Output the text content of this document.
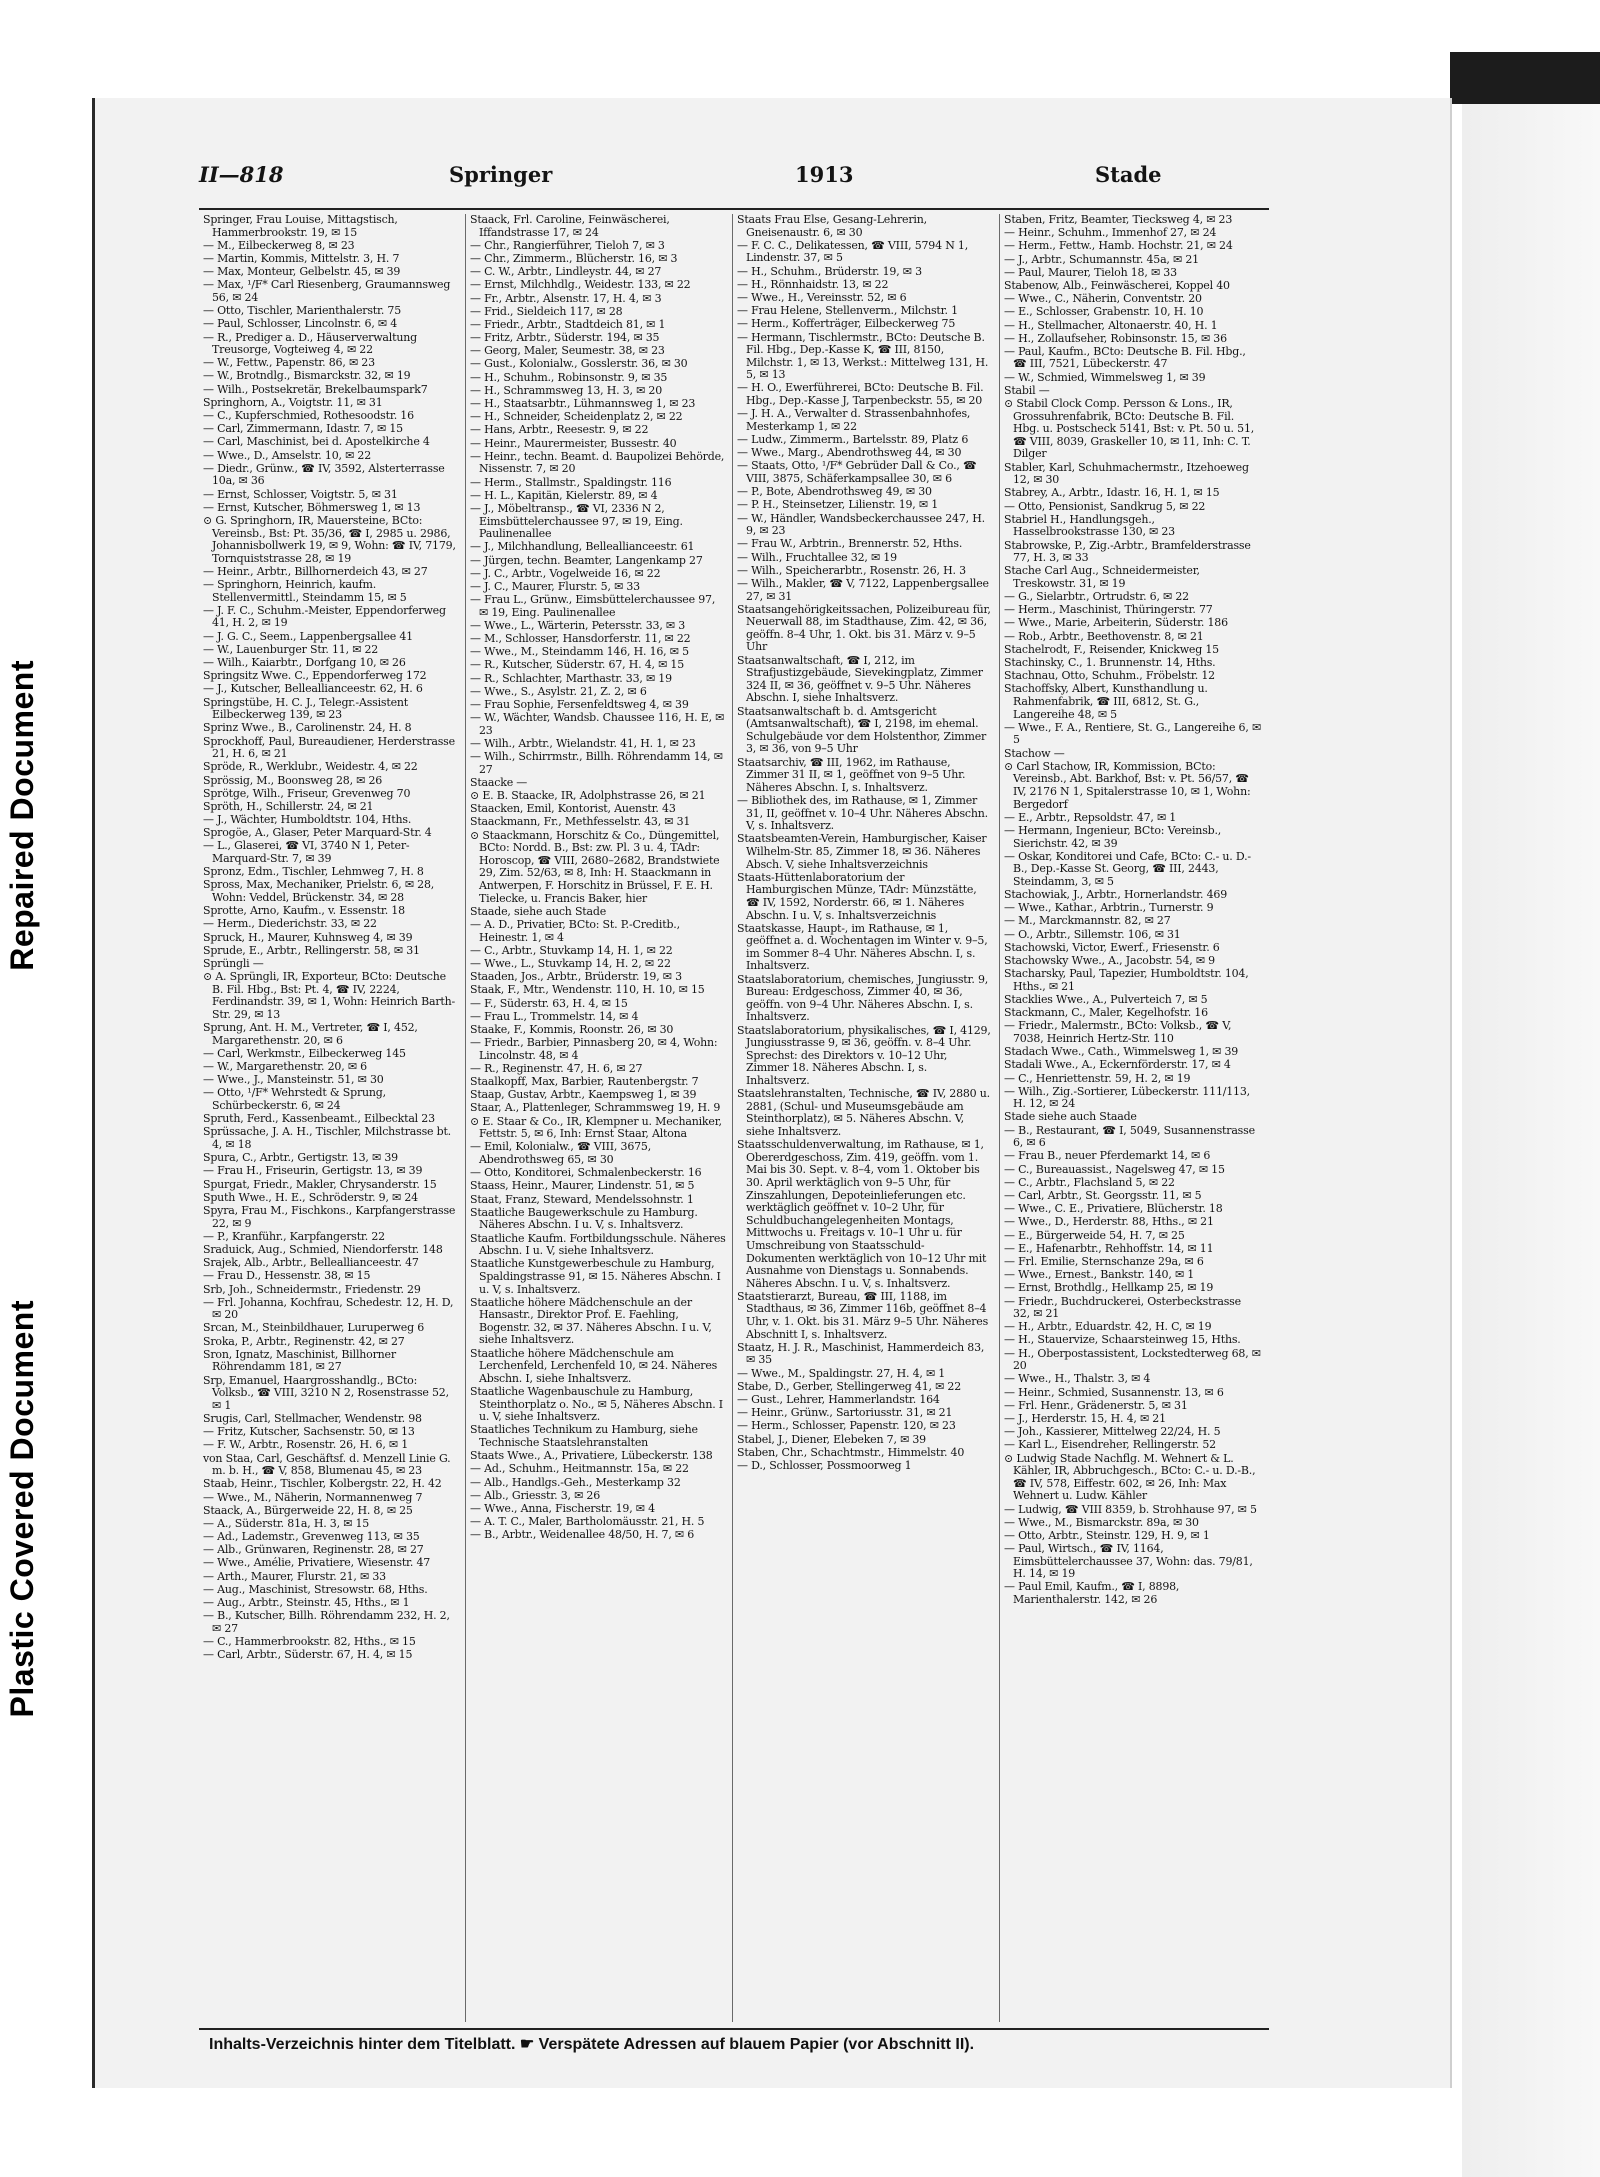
Repaired Document
Plastic Covered Document
II—818	Springer	1913	Stade
Springer, Frau Louise, Mittagstisch, Hammerbrookstr. 19, ✉ 15
— M., Eilbeckerweg 8, ✉ 23
— Martin, Kommis, Mittelstr. 3, H. 7
— Max, Monteur, Gelbelstr. 45, ✉ 39
— Max, ¹/F* Carl Riesenberg, Graumannsweg 56, ✉ 24
— Otto, Tischler, Marienthalerstr. 75
— Paul, Schlosser, Lincolnstr. 6, ✉ 4
— R., Prediger a. D., Häuserverwaltung Treusorge, Vogteiweg 4, ✉ 22
— W., Fettw., Papenstr. 86, ✉ 23
— W., Brotndlg., Bismarckstr. 32, ✉ 19
— Wilh., Postsekretär, Brekelbaumspark7
Springhorn, A., Voigtstr. 11, ✉ 31
— C., Kupferschmied, Rothesoodstr. 16
— Carl, Zimmermann, Idastr. 7, ✉ 15
— Carl, Maschinist, bei d. Apostelkirche 4
— Wwe., D., Amselstr. 10, ✉ 22
— Diedr., Grünw., ☎ IV, 3592, Alsterterrasse 10a, ✉ 36
— Ernst, Schlosser, Voigtstr. 5, ✉ 31
— Ernst, Kutscher, Böhmersweg 1, ✉ 13
⊙ G. Springhorn, IR, Mauersteine, BCto: Vereinsb., Bst: Pt. 35/36, ☎ I, 2985 u. 2986, Johannisbollwerk 19, ✉ 9, Wohn: ☎ IV, 7179, Tornquiststrasse 28, ✉ 19
— Heinr., Arbtr., Billhornerdeich 43, ✉ 27
— Springhorn, Heinrich, kaufm. Stellenvermittl., Steindamm 15, ✉ 5
— J. F. C., Schuhm.-Meister, Eppendorferweg 41, H. 2, ✉ 19
— J. G. C., Seem., Lappenbergsallee 41
— W., Lauenburger Str. 11, ✉ 22
— Wilh., Kaiarbtr., Dorfgang 10, ✉ 26
Springsitz Wwe. C., Eppendorferweg 172
— J., Kutscher, Belleallianceestr. 62, H. 6
Springstübe, H. C. J., Telegr.-Assistent Eilbeckerweg 139, ✉ 23
Sprinz Wwe., B., Carolinenstr. 24, H. 8
Sprockhoff, Paul, Bureaudiener, Herderstrasse 21, H. 6, ✉ 21
Spröde, R., Werklubr., Weidestr. 4, ✉ 22
Sprössig, M., Boonsweg 28, ✉ 26
Sprötge, Wilh., Friseur, Grevenweg 70
Spröth, H., Schillerstr. 24, ✉ 21
— J., Wächter, Humboldtstr. 104, Hths.
Sprogöe, A., Glaser, Peter Marquard-Str. 4
— L., Glaserei, ☎ VI, 3740 N 1, Peter-Marquard-Str. 7, ✉ 39
Spronz, Edm., Tischler, Lehmweg 7, H. 8
Spross, Max, Mechaniker, Prielstr. 6, ✉ 28, Wohn: Veddel, Brückenstr. 34, ✉ 28
Sprotte, Arno, Kaufm., v. Essenstr. 18
— Herm., Diederichstr. 33, ✉ 22
Spruck, H., Maurer, Kuhnsweg 4, ✉ 39
Sprude, E., Arbtr., Rellingerstr. 58, ✉ 31
Sprüngli —
⊙ A. Sprüngli, IR, Exporteur, BCto: Deutsche B. Fil. Hbg., Bst: Pt. 4, ☎ IV, 2224, Ferdinandstr. 39, ✉ 1, Wohn: Heinrich Barth-Str. 29, ✉ 13
Sprung, Ant. H. M., Vertreter, ☎ I, 452, Margarethenstr. 20, ✉ 6
— Carl, Werkmstr., Eilbeckerweg 145
— W., Margarethenstr. 20, ✉ 6
— Wwe., J., Mansteinstr. 51, ✉ 30
— Otto, ¹/F* Wehrstedt & Sprung, Schürbeckerstr. 6, ✉ 24
Spruth, Ferd., Kassenbeamt., Eilbecktal 23
Sprüssache, J. A. H., Tischler, Milchstrasse bt. 4, ✉ 18
Spura, C., Arbtr., Gertigstr. 13, ✉ 39
— Frau H., Friseurin, Gertigstr. 13, ✉ 39
Spurgat, Friedr., Makler, Chrysanderstr. 15
Sputh Wwe., H. E., Schröderstr. 9, ✉ 24
Spyra, Frau M., Fischkons., Karpfangerstrasse 22, ✉ 9
— P., Kranführ., Karpfangerstr. 22
Sraduick, Aug., Schmied, Niendorferstr. 148
Srajek, Alb., Arbtr., Belleallianceestr. 47
— Frau D., Hessenstr. 38, ✉ 15
Srb, Joh., Schneidermstr., Friedenstr. 29
— Frl. Johanna, Kochfrau, Schedestr. 12, H. D, ✉ 20
Srcan, M., Steinbildhauer, Luruperweg 6
Sroka, P., Arbtr., Reginenstr. 42, ✉ 27
Sron, Ignatz, Maschinist, Billhorner Röhrendamm 181, ✉ 27
Srp, Emanuel, Haargrosshandlg., BCto: Volksb., ☎ VIII, 3210 N 2, Rosenstrasse 52, ✉ 1
Srugis, Carl, Stellmacher, Wendenstr. 98
— Fritz, Kutscher, Sachsenstr. 50, ✉ 13
— F. W., Arbtr., Rosenstr. 26, H. 6, ✉ 1
von Staa, Carl, Geschäftsf. d. Menzell Linie G. m. b. H., ☎ V, 858, Blumenau 45, ✉ 23
Staab, Heinr., Tischler, Kolbergstr. 22, H. 42
— Wwe., M., Näherin, Normannenweg 7
Staack, A., Bürgerweide 22, H. 8, ✉ 25
— A., Süderstr. 81a, H. 3, ✉ 15
— Ad., Lademstr., Grevenweg 113, ✉ 35
— Alb., Grünwaren, Reginenstr. 28, ✉ 27
— Wwe., Amélie, Privatiere, Wiesenstr. 47
— Arth., Maurer, Flurstr. 21, ✉ 33
— Aug., Maschinist, Stresowstr. 68, Hths.
— Aug., Arbtr., Steinstr. 45, Hths., ✉ 1
— B., Kutscher, Billh. Röhrendamm 232, H. 2, ✉ 27
— C., Hammerbrookstr. 82, Hths., ✉ 15
— Carl, Arbtr., Süderstr. 67, H. 4, ✉ 15
Staack, Frl. Caroline, Feinwäscherei, Iffandstrasse 17, ✉ 24
— Chr., Rangierführer, Tieloh 7, ✉ 3
— Chr., Zimmerm., Blücherstr. 16, ✉ 3
— C. W., Arbtr., Lindleystr. 44, ✉ 27
— Ernst, Milchhdlg., Weidestr. 133, ✉ 22
— Fr., Arbtr., Alsenstr. 17, H. 4, ✉ 3
— Frid., Sieldeich 117, ✉ 28
— Friedr., Arbtr., Stadtdeich 81, ✉ 1
— Fritz, Arbtr., Süderstr. 194, ✉ 35
— Georg, Maler, Seumestr. 38, ✉ 23
— Gust., Kolonialw., Gosslerstr. 36, ✉ 30
— H., Schuhm., Robinsonstr. 9, ✉ 35
— H., Schrammsweg 13, H. 3, ✉ 20
— H., Staatsarbtr., Lühmannsweg 1, ✉ 23
— H., Schneider, Scheidenplatz 2, ✉ 22
— Hans, Arbtr., Reesestr. 9, ✉ 22
— Heinr., Maurermeister, Bussestr. 40
— Heinr., techn. Beamt. d. Baupolizei Behörde, Nissenstr. 7, ✉ 20
— Herm., Stallmstr., Spaldingstr. 116
— H. L., Kapitän, Kielerstr. 89, ✉ 4
— J., Möbeltransp., ☎ VI, 2336 N 2, Eimsbüttelerchaussee 97, ✉ 19, Eing. Paulinenallee
— J., Milchhandlung, Belleallianceestr. 61
— Jürgen, techn. Beamter, Langenkamp 27
— J. C., Arbtr., Vogelweide 16, ✉ 22
— J. C., Maurer, Flurstr. 5, ✉ 33
— Frau L., Grünw., Eimsbüttelerchaussee 97, ✉ 19, Eing. Paulinenallee
— Wwe., L., Wärterin, Petersstr. 33, ✉ 3
— M., Schlosser, Hansdorferstr. 11, ✉ 22
— Wwe., M., Steindamm 146, H. 16, ✉ 5
— R., Kutscher, Süderstr. 67, H. 4, ✉ 15
— R., Schlachter, Marthastr. 33, ✉ 19
— Wwe., S., Asylstr. 21, Z. 2, ✉ 6
— Frau Sophie, Fersenfeldtsweg 4, ✉ 39
— W., Wächter, Wandsb. Chaussee 116, H. E, ✉ 23
— Wilh., Arbtr., Wielandstr. 41, H. 1, ✉ 23
— Wilh., Schirrmstr., Billh. Röhrendamm 14, ✉ 27
Staacke —
⊙ E. B. Staacke, IR, Adolphstrasse 26, ✉ 21
Staacken, Emil, Kontorist, Auenstr. 43
Staackmann, Fr., Methfesselstr. 43, ✉ 31
⊙ Staackmann, Horschitz & Co., Düngemittel, BCto: Nordd. B., Bst: zw. Pl. 3 u. 4, TAdr: Horoscop, ☎ VIII, 2680–2682, Brandstwiete 29, Zim. 52/63, ✉ 8, Inh: H. Staackmann in Antwerpen, F. Horschitz in Brüssel, F. E. H. Tielecke, u. Francis Baker, hier
Staade, siehe auch Stade
— A. D., Privatier, BCto: St. P.-Creditb., Heinestr. 1, ✉ 4
— C., Arbtr., Stuvkamp 14, H. 1, ✉ 22
— Wwe., L., Stuvkamp 14, H. 2, ✉ 22
Staaden, Jos., Arbtr., Brüderstr. 19, ✉ 3
Staak, F., Mtr., Wendenstr. 110, H. 10, ✉ 15
— F., Süderstr. 63, H. 4, ✉ 15
— Frau L., Trommelstr. 14, ✉ 4
Staake, F., Kommis, Roonstr. 26, ✉ 30
— Friedr., Barbier, Pinnasberg 20, ✉ 4, Wohn: Lincolnstr. 48, ✉ 4
— R., Reginenstr. 47, H. 6, ✉ 27
Staalkopff, Max, Barbier, Rautenbergstr. 7
Staap, Gustav, Arbtr., Kaempsweg 1, ✉ 39
Staar, A., Plattenleger, Schrammsweg 19, H. 9
⊙ E. Staar & Co., IR, Klempner u. Mechaniker, Fettstr. 5, ✉ 6, Inh: Ernst Staar, Altona
— Emil, Kolonialw., ☎ VIII, 3675, Abendrothsweg 65, ✉ 30
— Otto, Konditorei, Schmalenbeckerstr. 16
Staass, Heinr., Maurer, Lindenstr. 51, ✉ 5
Staat, Franz, Steward, Mendelssohnstr. 1
Staatliche Baugewerkschule zu Hamburg. Näheres Abschn. I u. V, s. Inhaltsverz.
Staatliche Kaufm. Fortbildungsschule. Näheres Abschn. I u. V, siehe Inhaltsverz.
Staatliche Kunstgewerbeschule zu Hamburg, Spaldingstrasse 91, ✉ 15. Näheres Abschn. I u. V, s. Inhaltsverz.
Staatliche höhere Mädchenschule an der Hansastr., Direktor Prof. E. Faehling, Bogenstr. 32, ✉ 37. Näheres Abschn. I u. V, siehe Inhaltsverz.
Staatliche höhere Mädchenschule am Lerchenfeld, Lerchenfeld 10, ✉ 24. Näheres Abschn. I, siehe Inhaltsverz.
Staatliche Wagenbauschule zu Hamburg, Steinthorplatz o. No., ✉ 5, Näheres Abschn. I u. V, siehe Inhaltsverz.
Staatliches Technikum zu Hamburg, siehe Technische Staatslehranstalten
Staats Wwe., A., Privatiere, Lübeckerstr. 138
— Ad., Schuhm., Heitmannstr. 15a, ✉ 22
— Alb., Handlgs.-Geh., Mesterkamp 32
— Alb., Griesstr. 3, ✉ 26
— Wwe., Anna, Fischerstr. 19, ✉ 4
— A. T. C., Maler, Bartholomäusstr. 21, H. 5
— B., Arbtr., Weidenallee 48/50, H. 7, ✉ 6
Staats Frau Else, Gesang-Lehrerin, Gneisenaustr. 6, ✉ 30
— F. C. C., Delikatessen, ☎ VIII, 5794 N 1, Lindenstr. 37, ✉ 5
— H., Schuhm., Brüderstr. 19, ✉ 3
— H., Rönnhaidstr. 13, ✉ 22
— Wwe., H., Vereinsstr. 52, ✉ 6
— Frau Helene, Stellenverm., Milchstr. 1
— Herm., Kofferträger, Eilbeckerweg 75
— Hermann, Tischlermstr., BCto: Deutsche B. Fil. Hbg., Dep.-Kasse K, ☎ III, 8150, Milchstr. 1, ✉ 13, Werkst.: Mittelweg 131, H. 5, ✉ 13
— H. O., Ewerführerei, BCto: Deutsche B. Fil. Hbg., Dep.-Kasse J, Tarpenbeckstr. 55, ✉ 20
— J. H. A., Verwalter d. Strassenbahnhofes, Mesterkamp 1, ✉ 22
— Ludw., Zimmerm., Bartelsstr. 89, Platz 6
— Wwe., Marg., Abendrothsweg 44, ✉ 30
— Staats, Otto, ¹/F* Gebrüder Dall & Co., ☎ VIII, 3875, Schäferkampsallee 30, ✉ 6
— P., Bote, Abendrothsweg 49, ✉ 30
— P. H., Steinsetzer, Lilienstr. 19, ✉ 1
— W., Händler, Wandsbeckerchaussee 247, H. 9, ✉ 23
— Frau W., Arbtrin., Brennerstr. 52, Hths.
— Wilh., Fruchtallee 32, ✉ 19
— Wilh., Speicherarbtr., Rosenstr. 26, H. 3
— Wilh., Makler, ☎ V, 7122, Lappenbergsallee 27, ✉ 31
Staatsangehörigkeitssachen, Polizeibureau für, Neuerwall 88, im Stadthause, Zim. 42, ✉ 36, geöffn. 8–4 Uhr, 1. Okt. bis 31. März v. 9–5 Uhr
Staatsanwaltschaft, ☎ I, 212, im Strafjustizgebäude, Sievekingplatz, Zimmer 324 II, ✉ 36, geöffnet v. 9–5 Uhr. Näheres Abschn. I, siehe Inhaltsverz.
Staatsanwaltschaft b. d. Amtsgericht (Amtsanwaltschaft), ☎ I, 2198, im ehemal. Schulgebäude vor dem Holstenthor, Zimmer 3, ✉ 36, von 9–5 Uhr
Staatsarchiv, ☎ III, 1962, im Rathause, Zimmer 31 II, ✉ 1, geöffnet von 9–5 Uhr. Näheres Abschn. I, s. Inhaltsverz.
— Bibliothek des, im Rathause, ✉ 1, Zimmer 31, II, geöffnet v. 10–4 Uhr. Näheres Abschn. V, s. Inhaltsverz.
Staatsbeamten-Verein, Hamburgischer, Kaiser Wilhelm-Str. 85, Zimmer 18, ✉ 36. Näheres Absch. V, siehe Inhaltsverzeichnis
Staats-Hüttenlaboratorium der Hamburgischen Münze, TAdr: Münzstätte, ☎ IV, 1592, Norderstr. 66, ✉ 1. Näheres Abschn. I u. V, s. Inhaltsverzeichnis
Staatskasse, Haupt-, im Rathause, ✉ 1, geöffnet a. d. Wochentagen im Winter v. 9–5, im Sommer 8–4 Uhr. Näheres Abschn. I, s. Inhaltsverz.
Staatslaboratorium, chemisches, Jungiusstr. 9, Bureau: Erdgeschoss, Zimmer 40, ✉ 36, geöffn. von 9–4 Uhr. Näheres Abschn. I, s. Inhaltsverz.
Staatslaboratorium, physikalisches, ☎ I, 4129, Jungiusstrasse 9, ✉ 36, geöffn. v. 8–4 Uhr. Sprechst: des Direktors v. 10–12 Uhr, Zimmer 18. Näheres Abschn. I, s. Inhaltsverz.
Staatslehranstalten, Technische, ☎ IV, 2880 u. 2881, (Schul- und Museumsgebäude am Steinthorplatz), ✉ 5. Näheres Abschn. V, siehe Inhaltsverz.
Staatsschuldenverwaltung, im Rathause, ✉ 1, Obererdgeschoss, Zim. 419, geöffn. vom 1. Mai bis 30. Sept. v. 8–4, vom 1. Oktober bis 30. April werktäglich von 9–5 Uhr, für Zinszahlungen, Depoteinlieferungen etc. werktäglich geöffnet v. 10–2 Uhr, für Schuldbuchangelegenheiten Montags, Mittwochs u. Freitags v. 10–1 Uhr u. für Umschreibung von Staatsschuld-Dokumenten werktäglich von 10–12 Uhr mit Ausnahme von Dienstags u. Sonnabends. Näheres Abschn. I u. V, s. Inhaltsverz.
Staatstierarzt, Bureau, ☎ III, 1188, im Stadthaus, ✉ 36, Zimmer 116b, geöffnet 8–4 Uhr, v. 1. Okt. bis 31. März 9–5 Uhr. Näheres Abschnitt I, s. Inhaltsverz.
Staatz, H. J. R., Maschinist, Hammerdeich 83, ✉ 35
— Wwe., M., Spaldingstr. 27, H. 4, ✉ 1
Stabe, D., Gerber, Stellingerweg 41, ✉ 22
— Gust., Lehrer, Hammerlandstr. 164
— Heinr., Grünw., Sartoriusstr. 31, ✉ 21
— Herm., Schlosser, Papenstr. 120, ✉ 23
Stabel, J., Diener, Elebeken 7, ✉ 39
Staben, Chr., Schachtmstr., Himmelstr. 40
— D., Schlosser, Possmoorweg 1
Staben, Fritz, Beamter, Tiecksweg 4, ✉ 23
— Heinr., Schuhm., Immenhof 27, ✉ 24
— Herm., Fettw., Hamb. Hochstr. 21, ✉ 24
— J., Arbtr., Schumannstr. 45a, ✉ 21
— Paul, Maurer, Tieloh 18, ✉ 33
Stabenow, Alb., Feinwäscherei, Koppel 40
— Wwe., C., Näherin, Conventstr. 20
— E., Schlosser, Grabenstr. 10, H. 10
— H., Stellmacher, Altonaerstr. 40, H. 1
— H., Zollaufseher, Robinsonstr. 15, ✉ 36
— Paul, Kaufm., BCto: Deutsche B. Fil. Hbg., ☎ III, 7521, Lübeckerstr. 47
— W., Schmied, Wimmelsweg 1, ✉ 39
Stabil —
⊙ Stabil Clock Comp. Persson & Lons., IR, Grossuhrenfabrik, BCto: Deutsche B. Fil. Hbg. u. Postscheck 5141, Bst: v. Pt. 50 u. 51, ☎ VIII, 8039, Graskeller 10, ✉ 11, Inh: C. T. Dilger
Stabler, Karl, Schuhmachermstr., Itzehoeweg 12, ✉ 30
Stabrey, A., Arbtr., Idastr. 16, H. 1, ✉ 15
— Otto, Pensionist, Sandkrug 5, ✉ 22
Stabriel H., Handlungsgeh., Hasselbrookstrasse 130, ✉ 23
Stabrowske, P., Zig.-Arbtr., Bramfelderstrasse 77, H. 3, ✉ 33
Stache Carl Aug., Schneidermeister, Treskowstr. 31, ✉ 19
— G., Sielarbtr., Ortrudstr. 6, ✉ 22
— Herm., Maschinist, Thüringerstr. 77
— Wwe., Marie, Arbeiterin, Süderstr. 186
— Rob., Arbtr., Beethovenstr. 8, ✉ 21
Stachelrodt, F., Reisender, Knickweg 15
Stachinsky, C., 1. Brunnenstr. 14, Hths.
Stachnau, Otto, Schuhm., Fröbelstr. 12
Stachoffsky, Albert, Kunsthandlung u. Rahmenfabrik, ☎ III, 6812, St. G., Langereihe 48, ✉ 5
— Wwe., F. A., Rentiere, St. G., Langereihe 6, ✉ 5
Stachow —
⊙ Carl Stachow, IR, Kommission, BCto: Vereinsb., Abt. Barkhof, Bst: v. Pt. 56/57, ☎ IV, 2176 N 1, Spitalerstrasse 10, ✉ 1, Wohn: Bergedorf
— E., Arbtr., Repsoldstr. 47, ✉ 1
— Hermann, Ingenieur, BCto: Vereinsb., Sierichstr. 42, ✉ 39
— Oskar, Konditorei und Cafe, BCto: C.- u. D.-B., Dep.-Kasse St. Georg, ☎ III, 2443, Steindamm, 3, ✉ 5
Stachowiak, J., Arbtr., Hornerlandstr. 469
— Wwe., Kathar., Arbtrin., Turnerstr. 9
— M., Marckmannstr. 82, ✉ 27
— O., Arbtr., Sillemstr. 106, ✉ 31
Stachowski, Victor, Ewerf., Friesenstr. 6
Stachowsky Wwe., A., Jacobstr. 54, ✉ 9
Stacharsky, Paul, Tapezier, Humboldtstr. 104, Hths., ✉ 21
Stacklies Wwe., A., Pulverteich 7, ✉ 5
Stackmann, C., Maler, Kegelhofstr. 16
— Friedr., Malermstr., BCto: Volksb., ☎ V, 7038, Heinrich Hertz-Str. 110
Stadach Wwe., Cath., Wimmelsweg 1, ✉ 39
Stadali Wwe., A., Eckernförderstr. 17, ✉ 4
— C., Henriettenstr. 59, H. 2, ✉ 19
— Wilh., Zig.-Sortierer, Lübeckerstr. 111/113, H. 12, ✉ 24
Stade siehe auch Staade
— B., Restaurant, ☎ I, 5049, Susannenstrasse 6, ✉ 6
— Frau B., neuer Pferdemarkt 14, ✉ 6
— C., Bureauassist., Nagelsweg 47, ✉ 15
— C., Arbtr., Flachsland 5, ✉ 22
— Carl, Arbtr., St. Georgsstr. 11, ✉ 5
— Wwe., C. E., Privatiere, Blücherstr. 18
— Wwe., D., Herderstr. 88, Hths., ✉ 21
— E., Bürgerweide 54, H. 7, ✉ 25
— E., Hafenarbtr., Rehhoffstr. 14, ✉ 11
— Frl. Emilie, Sternschanze 29a, ✉ 6
— Wwe., Ernest., Bankstr. 140, ✉ 1
— Ernst, Brothdlg., Hellkamp 25, ✉ 19
— Friedr., Buchdruckerei, Osterbeckstrasse 32, ✉ 21
— H., Arbtr., Eduardstr. 42, H. C, ✉ 19
— H., Stauervize, Schaarsteinweg 15, Hths.
— H., Oberpostassistent, Lockstedterweg 68, ✉ 20
— Wwe., H., Thalstr. 3, ✉ 4
— Heinr., Schmied, Susannenstr. 13, ✉ 6
— Frl. Henr., Grädenerstr. 5, ✉ 31
— J., Herderstr. 15, H. 4, ✉ 21
— Joh., Kassierer, Mittelweg 22/24, H. 5
— Karl L., Eisendreher, Rellingerstr. 52
⊙ Ludwig Stade Nachflg. M. Wehnert & L. Kähler, IR, Abbruchgesch., BCto: C.- u. D.-B., ☎ IV, 578, Eiffestr. 602, ✉ 26, Inh: Max Wehnert u. Ludw. Kähler
— Ludwig, ☎ VIII 8359, b. Strohhause 97, ✉ 5
— Wwe., M., Bismarckstr. 89a, ✉ 30
— Otto, Arbtr., Steinstr. 129, H. 9, ✉ 1
— Paul, Wirtsch., ☎ IV, 1164, Eimsbüttelerchaussee 37, Wohn: das. 79/81, H. 14, ✉ 19
— Paul Emil, Kaufm., ☎ I, 8898, Marienthalerstr. 142, ✉ 26
Inhalts-Verzeichnis hinter dem Titelblatt. ☛ Verspätete Adressen auf blauem Papier (vor Abschnitt II).
